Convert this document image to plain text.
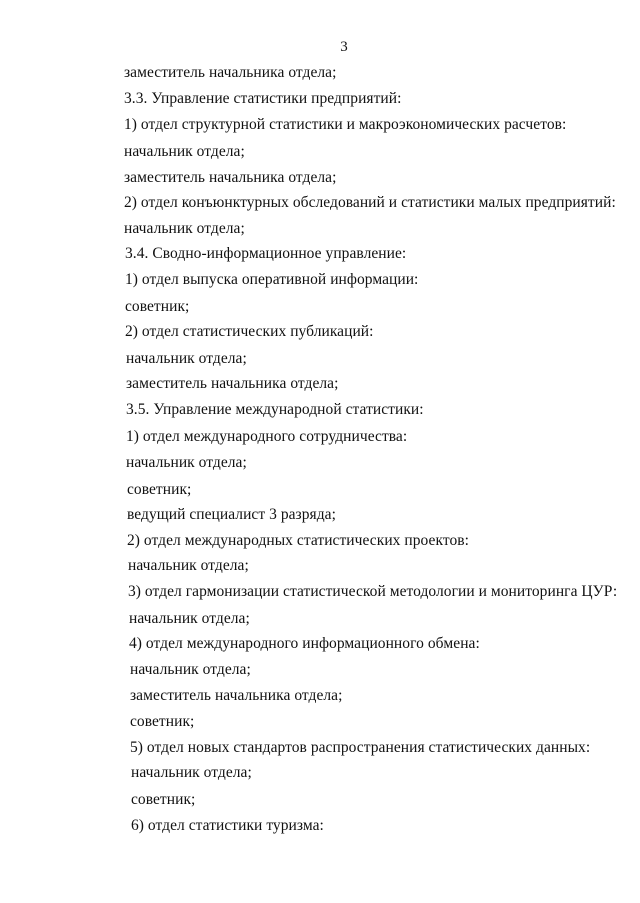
3
заместитель начальника отдела;
3.3. Управление статистики предприятий:
1) отдел структурной статистики и макроэкономических расчетов:
начальник отдела;
заместитель начальника отдела;
2) отдел конъюнктурных обследований и статистики малых предприятий:
начальник отдела;
3.4. Сводно-информационное управление:
1) отдел выпуска оперативной информации:
советник;
2) отдел статистических публикаций:
начальник отдела;
заместитель начальника отдела;
3.5. Управление международной статистики:
1) отдел международного сотрудничества:
начальник отдела;
советник;
ведущий специалист 3 разряда;
2) отдел международных статистических проектов:
начальник отдела;
3) отдел гармонизации статистической методологии и мониторинга ЦУР:
начальник отдела;
4) отдел международного информационного обмена:
начальник отдела;
заместитель начальника отдела;
советник;
5) отдел новых стандартов распространения статистических данных:
начальник отдела;
советник;
6) отдел статистики туризма:
